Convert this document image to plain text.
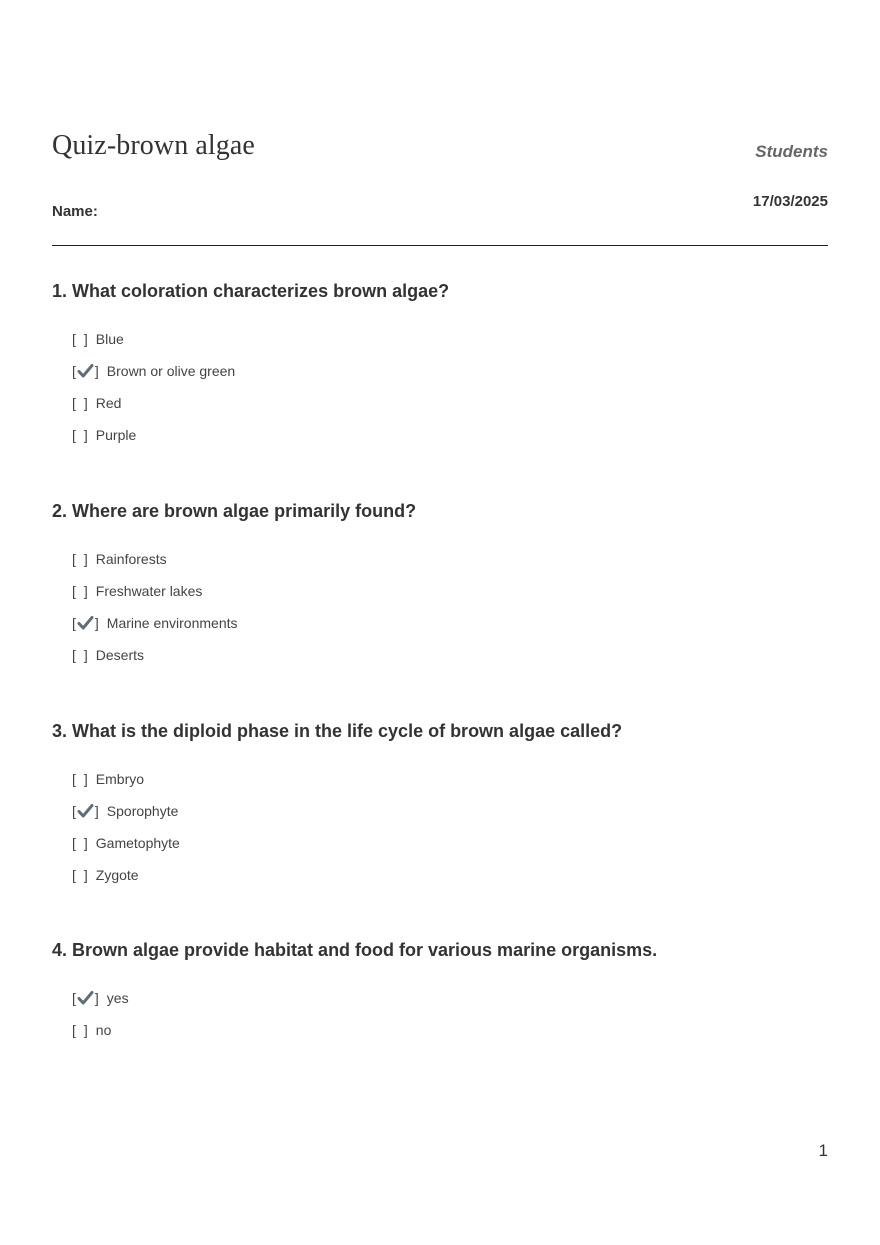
Quiz-brown algae	Students
17/03/2025
Name:
1. What coloration characterizes brown algae?
[ ] Blue
[ ] Brown or olive green
[ ] Red
[ ] Purple
2. Where are brown algae primarily found?
[ ] Rainforests
[ ] Freshwater lakes
[ ] Marine environments
[ ] Deserts
3. What is the diploid phase in the life cycle of brown algae called?
[ ] Embryo
[ ] Sporophyte
[ ] Gametophyte
[ ] Zygote
4. Brown algae provide habitat and food for various marine organisms.
[ ] yes
[ ] no
1
